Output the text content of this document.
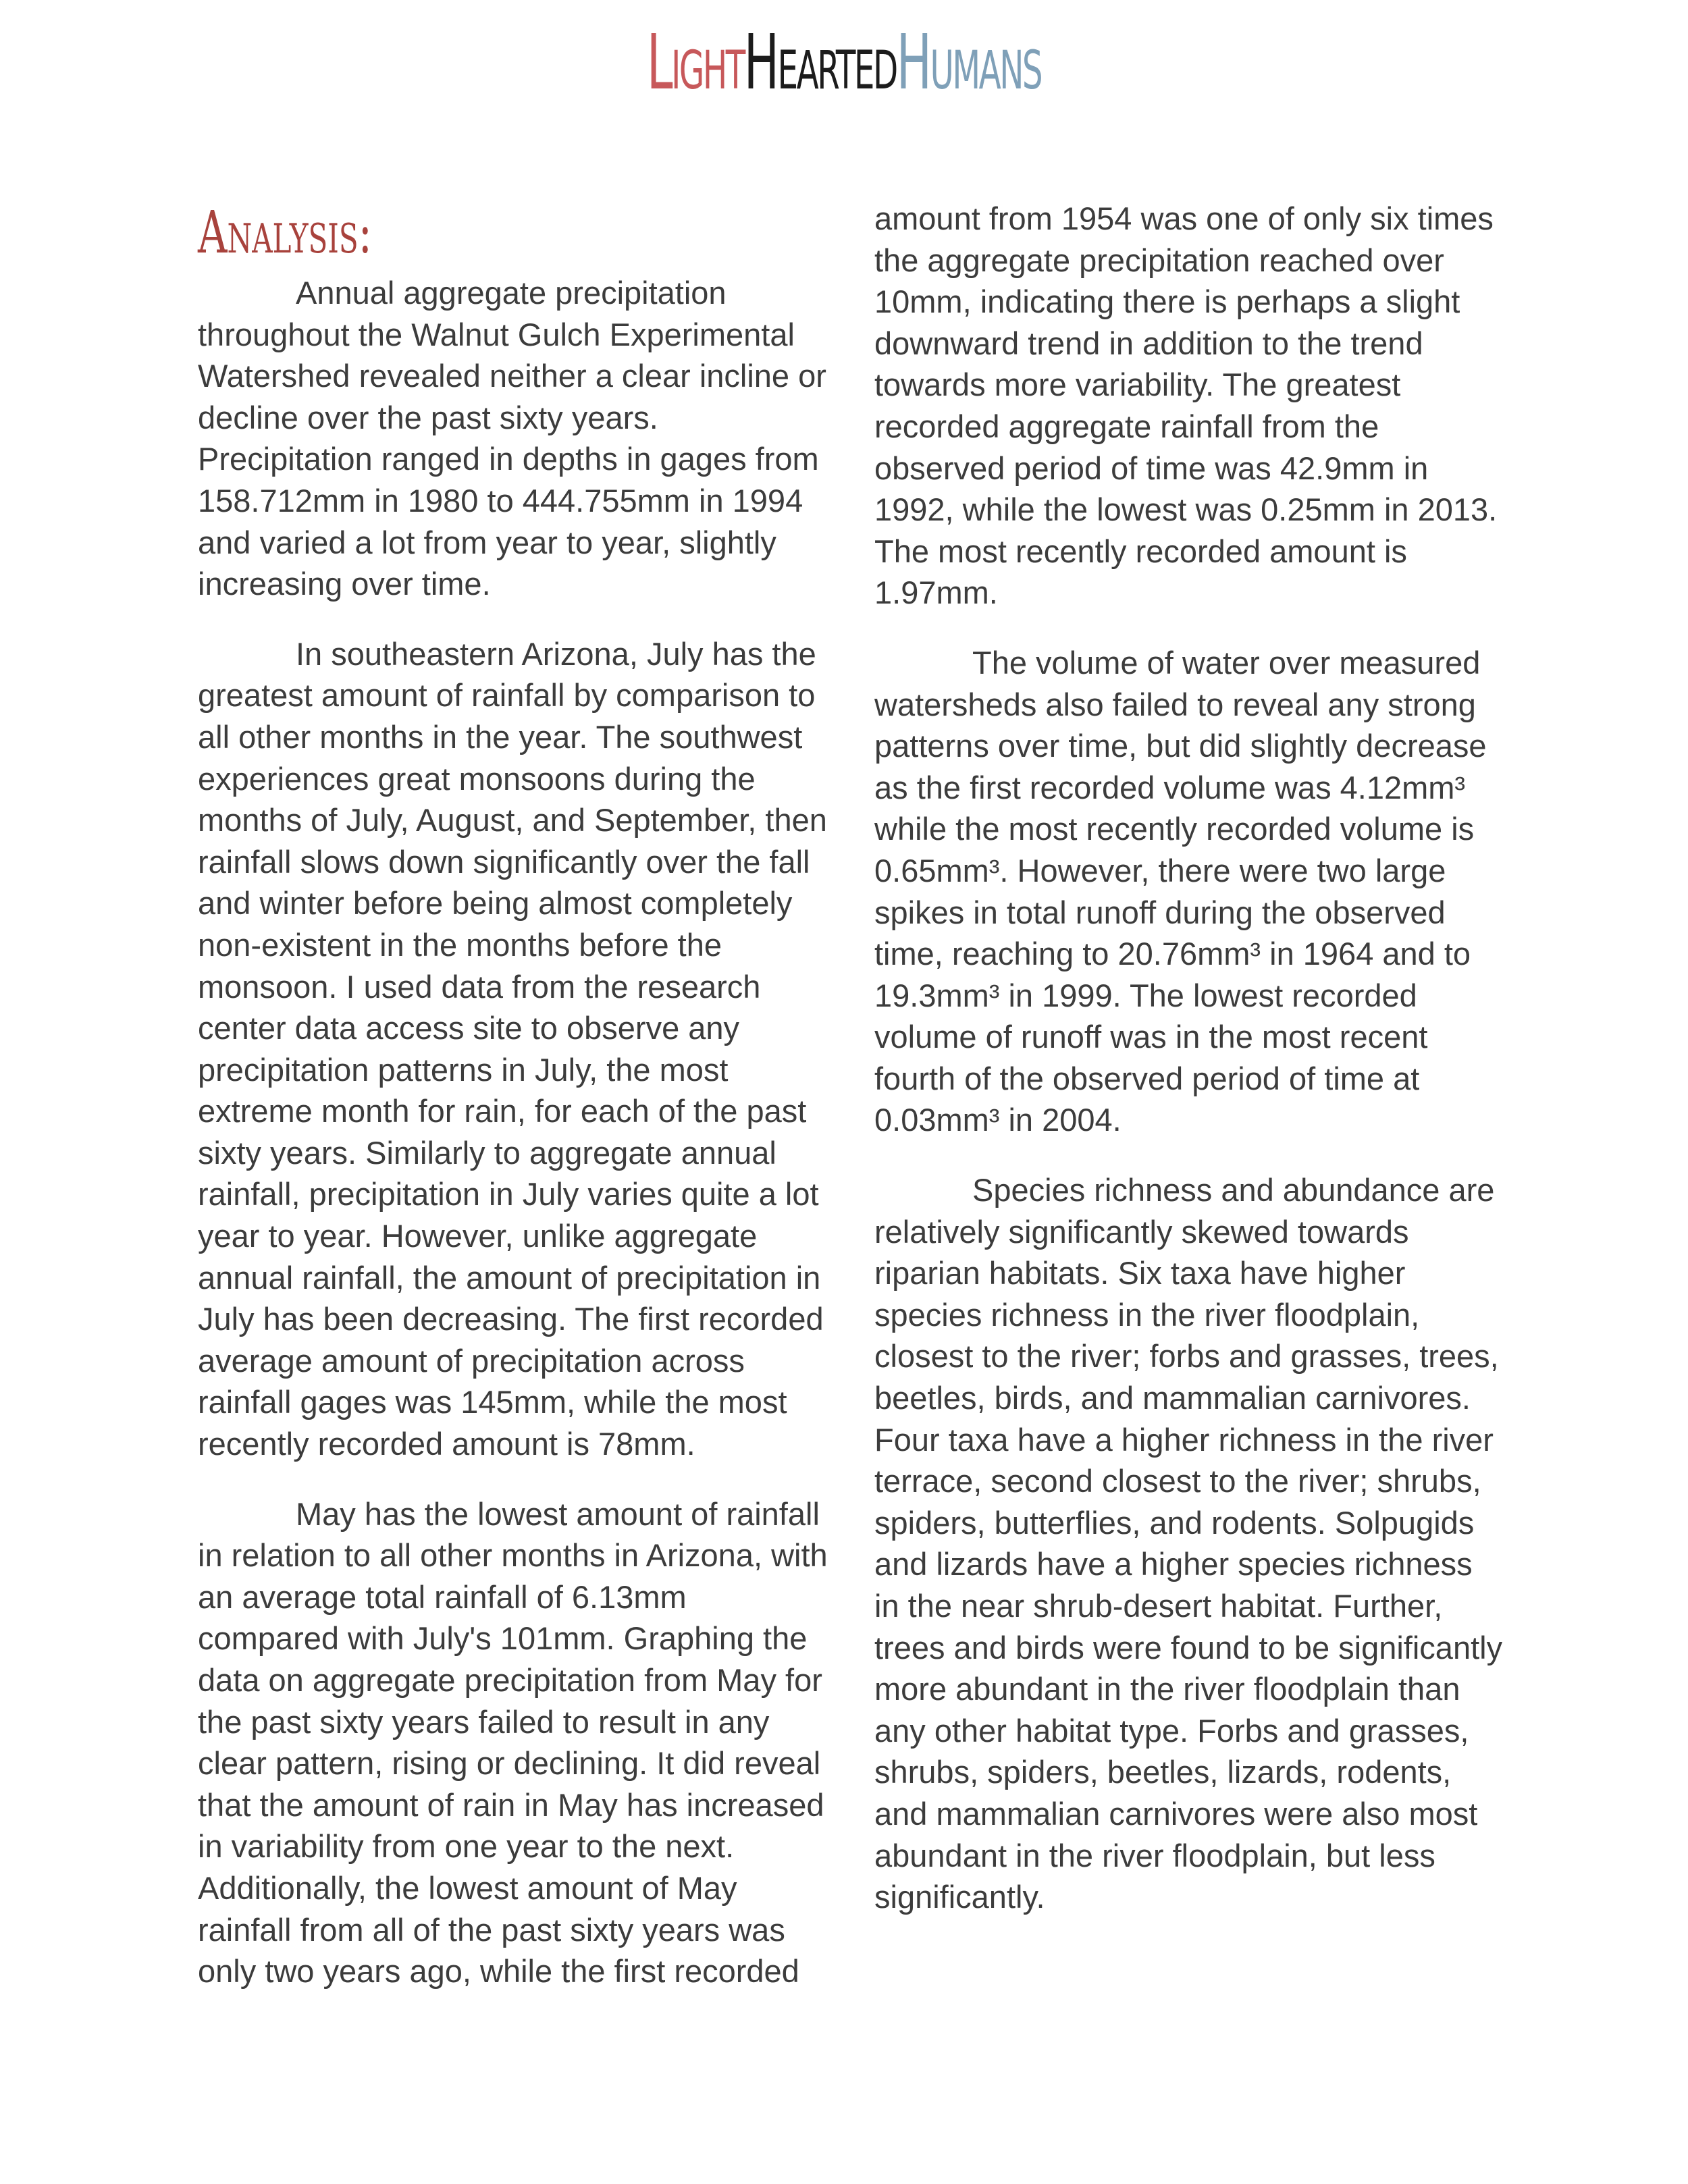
LightHeartedHumans
Analysis:

Annual aggregate precipitation throughout the Walnut Gulch Experimental Watershed revealed neither a clear incline or decline over the past sixty years. Precipitation ranged in depths in gages from 158.712mm in 1980 to 444.755mm in 1994 and varied a lot from year to year, slightly increasing over time.

In southeastern Arizona, July has the greatest amount of rainfall by comparison to all other months in the year. The southwest experiences great monsoons during the months of July, August, and September, then rainfall slows down significantly over the fall and winter before being almost completely non-existent in the months before the monsoon. I used data from the research center data access site to observe any precipitation patterns in July, the most extreme month for rain, for each of the past sixty years. Similarly to aggregate annual rainfall, precipitation in July varies quite a lot year to year. However, unlike aggregate annual rainfall, the amount of precipitation in July has been decreasing. The first recorded average amount of precipitation across rainfall gages was 145mm, while the most recently recorded amount is 78mm.

May has the lowest amount of rainfall in relation to all other months in Arizona, with an average total rainfall of 6.13mm compared with July's 101mm. Graphing the data on aggregate precipitation from May for the past sixty years failed to result in any clear pattern, rising or declining. It did reveal that the amount of rain in May has increased in variability from one year to the next. Additionally, the lowest amount of May rainfall from all of the past sixty years was only two years ago, while the first recorded

amount from 1954 was one of only six times the aggregate precipitation reached over 10mm, indicating there is perhaps a slight downward trend in addition to the trend towards more variability. The greatest recorded aggregate rainfall from the observed period of time was 42.9mm in 1992, while the lowest was 0.25mm in 2013. The most recently recorded amount is 1.97mm.

The volume of water over measured watersheds also failed to reveal any strong patterns over time, but did slightly decrease as the first recorded volume was 4.12mm³ while the most recently recorded volume is 0.65mm³. However, there were two large spikes in total runoff during the observed time, reaching to 20.76mm³ in 1964 and to 19.3mm³ in 1999. The lowest recorded volume of runoff was in the most recent fourth of the observed period of time at 0.03mm³ in 2004.

Species richness and abundance are relatively significantly skewed towards riparian habitats. Six taxa have higher species richness in the river floodplain, closest to the river; forbs and grasses, trees, beetles, birds, and mammalian carnivores. Four taxa have a higher richness in the river terrace, second closest to the river; shrubs, spiders, butterflies, and rodents. Solpugids and lizards have a higher species richness in the near shrub-desert habitat. Further, trees and birds were found to be significantly more abundant in the river floodplain than any other habitat type. Forbs and grasses, shrubs, spiders, beetles, lizards, rodents, and mammalian carnivores were also most abundant in the river floodplain, but less significantly.
